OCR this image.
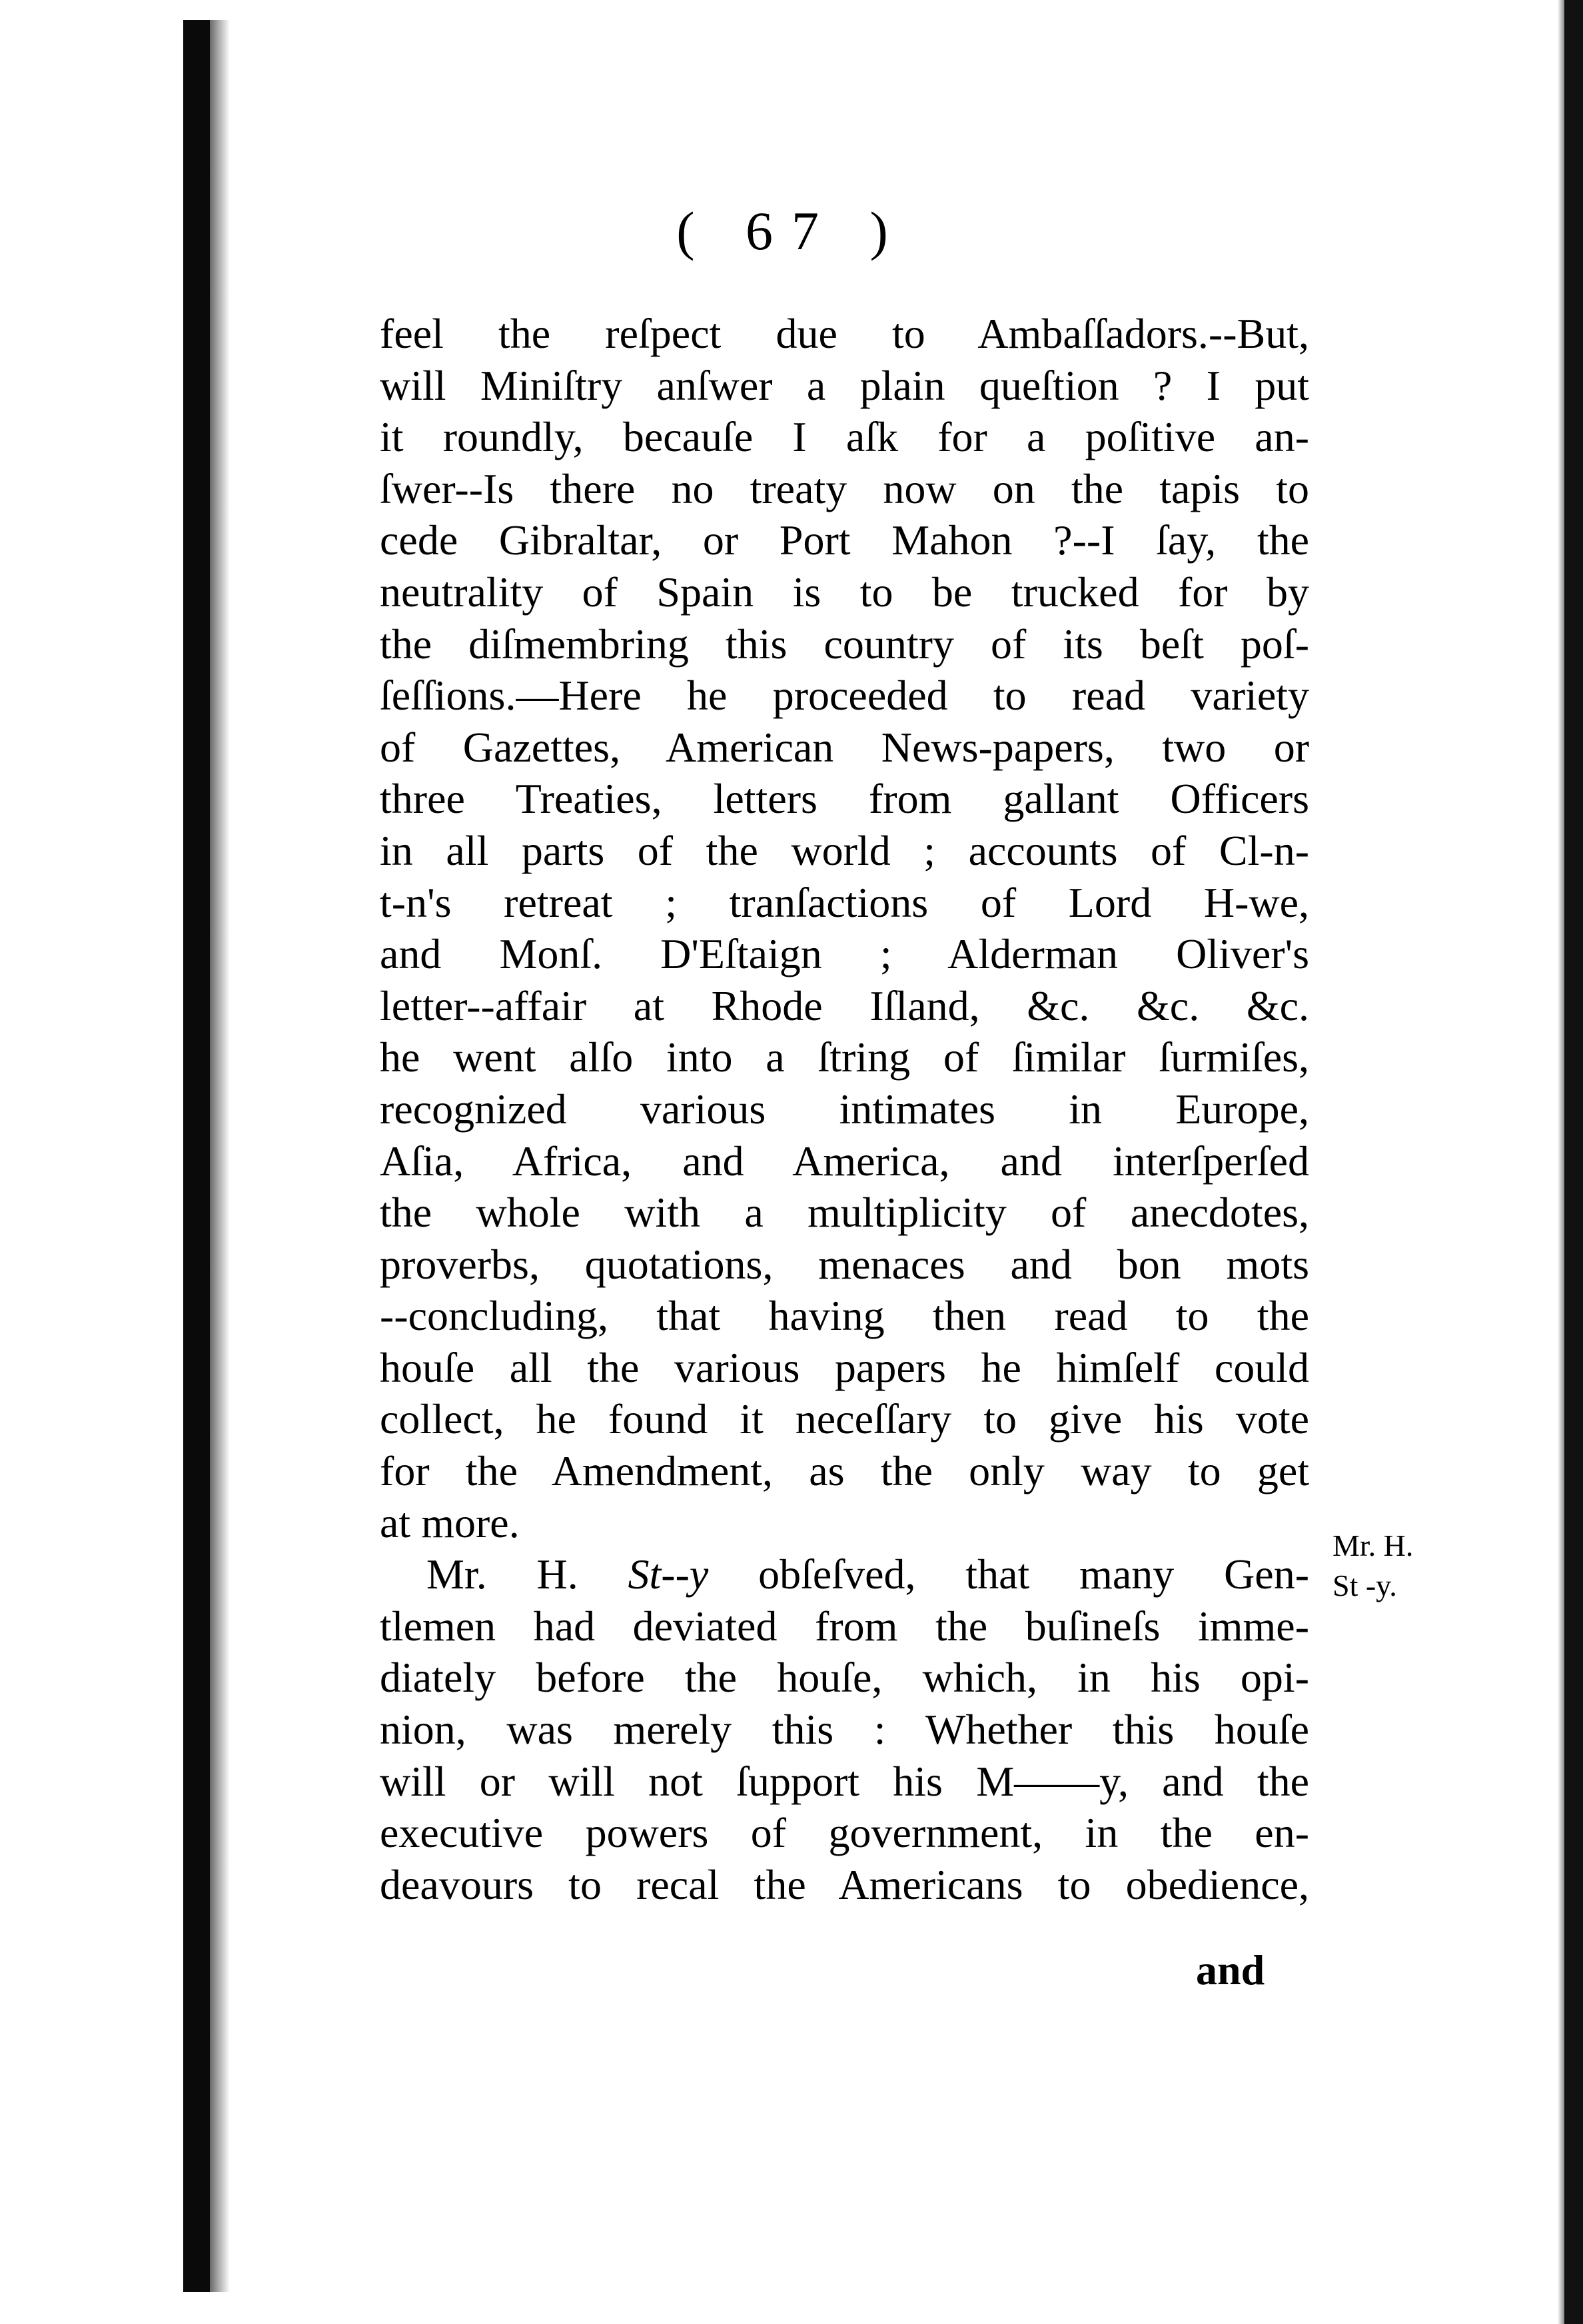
( 67 )
feel the reſpect due to Ambaſſadors.--But,
will Miniſtry anſwer a plain queſtion ? I put
it roundly, becauſe I aſk for a poſitive an-
ſwer--Is there no treaty now on the tapis to
cede Gibraltar, or Port Mahon ?--I ſay, the
neutrality of Spain is to be trucked for by
the diſmembring this country of its beſt poſ-
ſeſſions.—Here he proceeded to read variety
of Gazettes, American News-papers, two or
three Treaties, letters from gallant Officers
in all parts of the world ; accounts of Cl-n-
t-n's retreat ; tranſactions of Lord H-we,
and Monſ. D'Eſtaign ; Alderman Oliver's
letter--affair at Rhode Iſland, &c. &c. &c.
he went alſo into a ſtring of ſimilar ſurmiſes,
recognized various intimates in Europe,
Aſia, Africa, and America, and interſperſed
the whole with a multiplicity of anecdotes,
proverbs, quotations, menaces and bon mots
--concluding, that having then read to the
houſe all the various papers he himſelf could
collect, he found it neceſſary to give his vote
for the Amendment, as the only way to get
at more.
Mr. H. St--y obſeſved, that many Gen-
tlemen had deviated from the buſineſs imme-
diately before the houſe, which, in his opi-
nion, was merely this : Whether this houſe
will or will not ſupport his M——y, and the
executive powers of government, in the en-
deavours to recal the Americans to obedience,
and
Mr. H.
St -y.
